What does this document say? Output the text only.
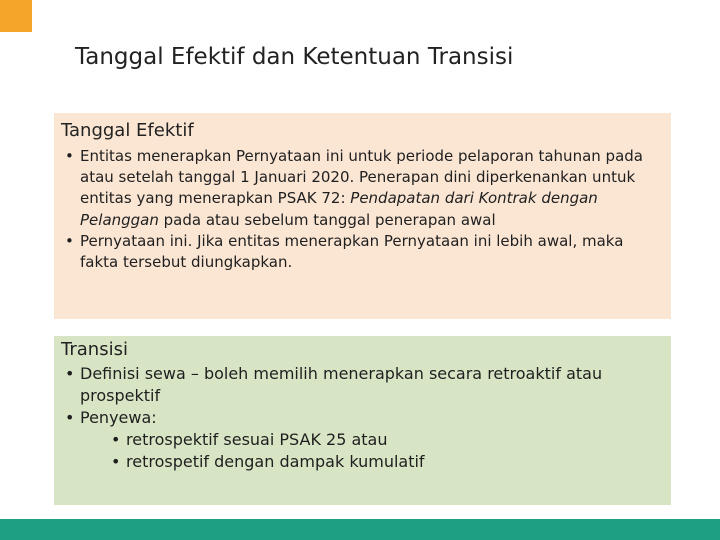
Tanggal Efektif dan Ketentuan Transisi
Tanggal Efektif
• Entitas menerapkan Pernyataan ini untuk periode pelaporan tahunan pada atau setelah tanggal 1 Januari 2020. Penerapan dini diperkenankan untuk entitas yang menerapkan PSAK 72: Pendapatan dari Kontrak dengan Pelanggan pada atau sebelum tanggal penerapan awal
• Pernyataan ini. Jika entitas menerapkan Pernyataan ini lebih awal, maka fakta tersebut diungkapkan.
Transisi
• Definisi sewa – boleh memilih menerapkan secara retroaktif atau prospektif
• Penyewa:
• retrospektif sesuai PSAK 25 atau
• retrospetif dengan dampak kumulatif
